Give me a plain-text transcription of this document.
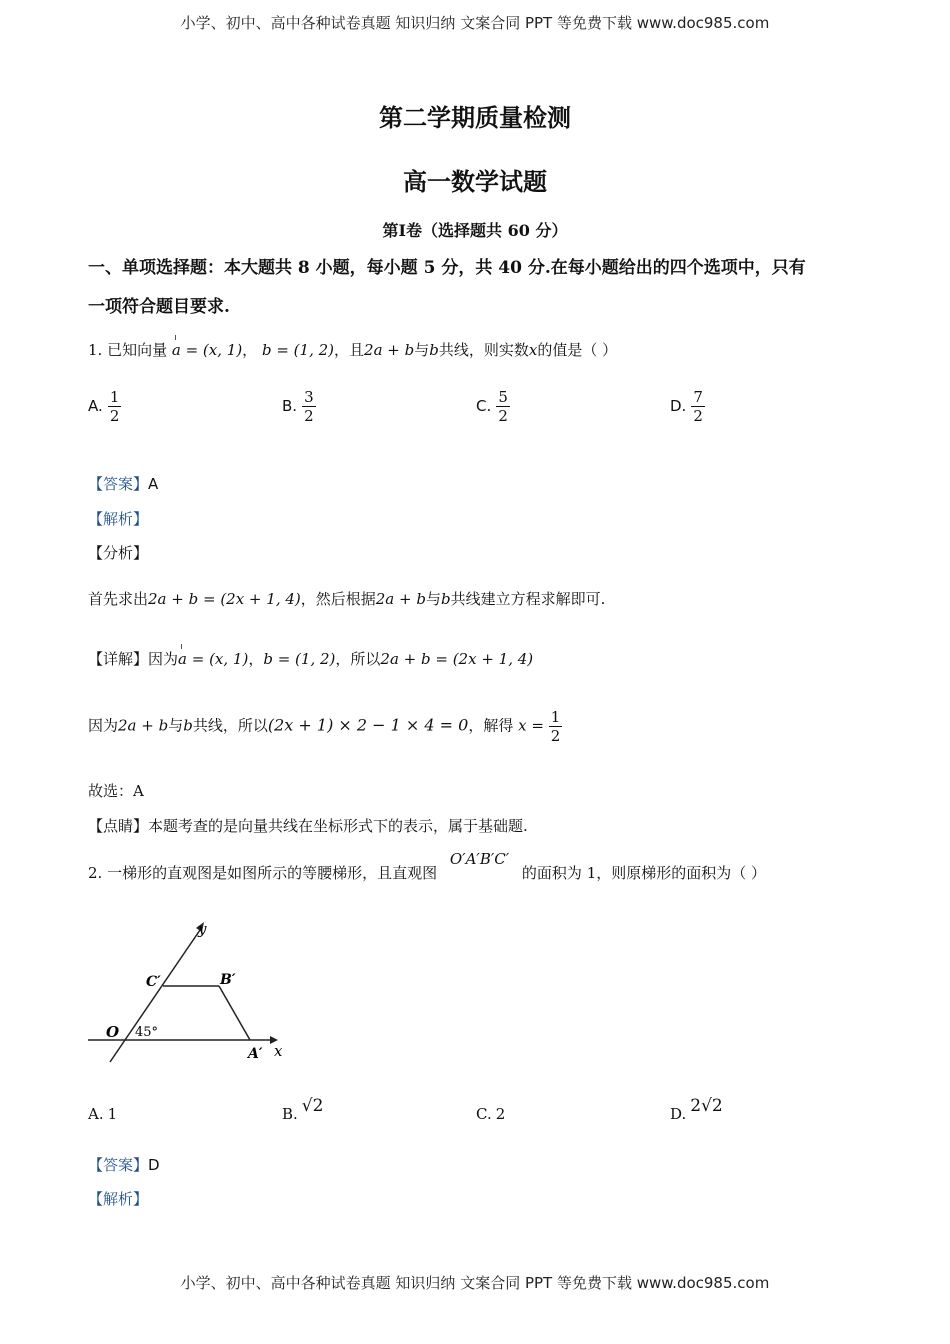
小学、初中、高中各种试卷真题 知识归纳 文案合同 PPT 等免费下载 www.doc985.com
第二学期质量检测
高一数学试题
第Ⅰ卷（选择题共 60 分）
一、单项选择题：本大题共 8 小题，每小题 5 分，共 40 分.在每小题给出的四个选项中，只有
一项符合题目要求.
1. 已知向量 a = (x, 1)， b = (1, 2)，且2a + b与b共线，则实数x的值是（ ）
A. $\frac{1}{2}$	B. $\frac{3}{2}$	C. $\frac{5}{2}$	D. $\frac{7}{2}$
【答案】A
【解析】
【分析】
首先求出2a + b = (2x + 1, 4)，然后根据2a + b与b共线建立方程求解即可.
【详解】因为a = (x, 1)，b = (1, 2)，所以2a + b = (2x + 1, 4)
因为2a + b与b共线，所以(2x + 1) × 2 − 1 × 4 = 0，解得 $x = \frac{1}{2}$
故选：A
【点睛】本题考查的是向量共线在坐标形式下的表示，属于基础题.
2. 一梯形的直观图是如图所示的等腰梯形，且直观图 O′A′B′C′ 的面积为 1，则原梯形的面积为（ ）
y
x
O
C′	B′
A′
45°
A. 1	B. √2	C. 2	D. 2√2
【答案】D
【解析】
小学、初中、高中各种试卷真题 知识归纳 文案合同 PPT 等免费下载 www.doc985.com
